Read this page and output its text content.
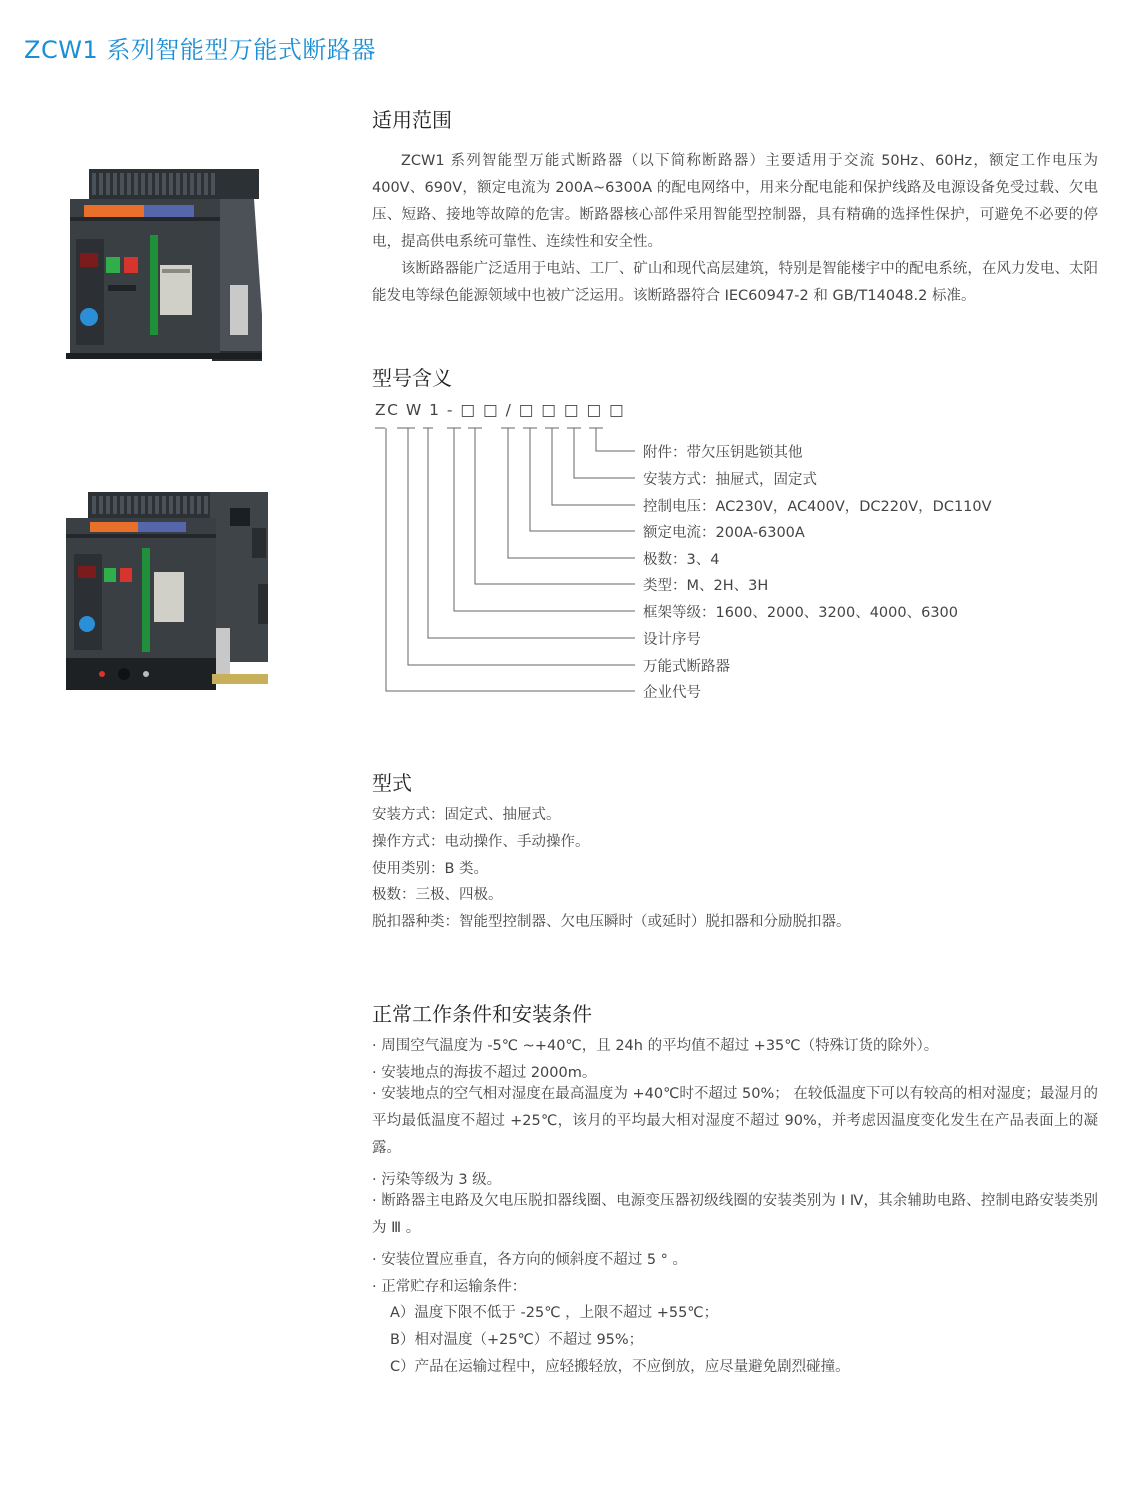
ZCW1 系列智能型万能式断路器
适用范围

ZCW1 系列智能型万能式断路器（以下简称断路器）主要适用于交流 50Hz、60Hz，额定工作电压为 400V、690V，额定电流为 200A~6300A 的配电网络中，用来分配电能和保护线路及电源设备免受过载、欠电压、短路、接地等故障的危害。断路器核心部件采用智能型控制器，具有精确的选择性保护，可避免不必要的停电，提高供电系统可靠性、连续性和安全性。

该断路器能广泛适用于电站、工厂、矿山和现代高层建筑，特别是智能楼宇中的配电系统，在风力发电、太阳能发电等绿色能源领域中也被广泛运用。该断路器符合 IEC60947-2 和 GB/T14048.2 标准。

型号含义
ZC W 1 - □ □ / □ □ □ □ □
附件：带欠压钥匙锁其他
安装方式：抽屉式，固定式
控制电压：AC230V，AC400V，DC220V，DC110V
额定电流：200A-6300A
极数：3、4
类型：M、2H、3H
框架等级：1600、2000、3200、4000、6300
设计序号
万能式断路器
企业代号
型式
安装方式：固定式、抽屉式。
操作方式：电动操作、手动操作。
使用类别：B 类。
极数：三极、四极。
脱扣器种类：智能型控制器、欠电压瞬时（或延时）脱扣器和分励脱扣器。
正常工作条件和安装条件
· 周围空气温度为 -5℃ ~+40℃，且 24h 的平均值不超过 +35℃（特殊订货的除外）。
· 安装地点的海拔不超过 2000m。

· 安装地点的空气相对湿度在最高温度为 +40℃时不超过 50%； 在较低温度下可以有较高的相对湿度；最湿月的平均最低温度不超过 +25℃，该月的平均最大相对湿度不超过 90%，并考虑因温度变化发生在产品表面上的凝露。

· 污染等级为 3 级。

· 断路器主电路及欠电压脱扣器线圈、电源变压器初级线圈的安装类别为 I Ⅳ，其余辅助电路、控制电路安装类别为 Ⅲ 。

· 安装位置应垂直，各方向的倾斜度不超过 5 ° 。
· 正常贮存和运输条件：
A）温度下限不低于 -25℃ ，上限不超过 +55℃；
B）相对温度（+25℃）不超过 95%；
C）产品在运输过程中，应轻搬轻放，不应倒放，应尽量避免剧烈碰撞。
